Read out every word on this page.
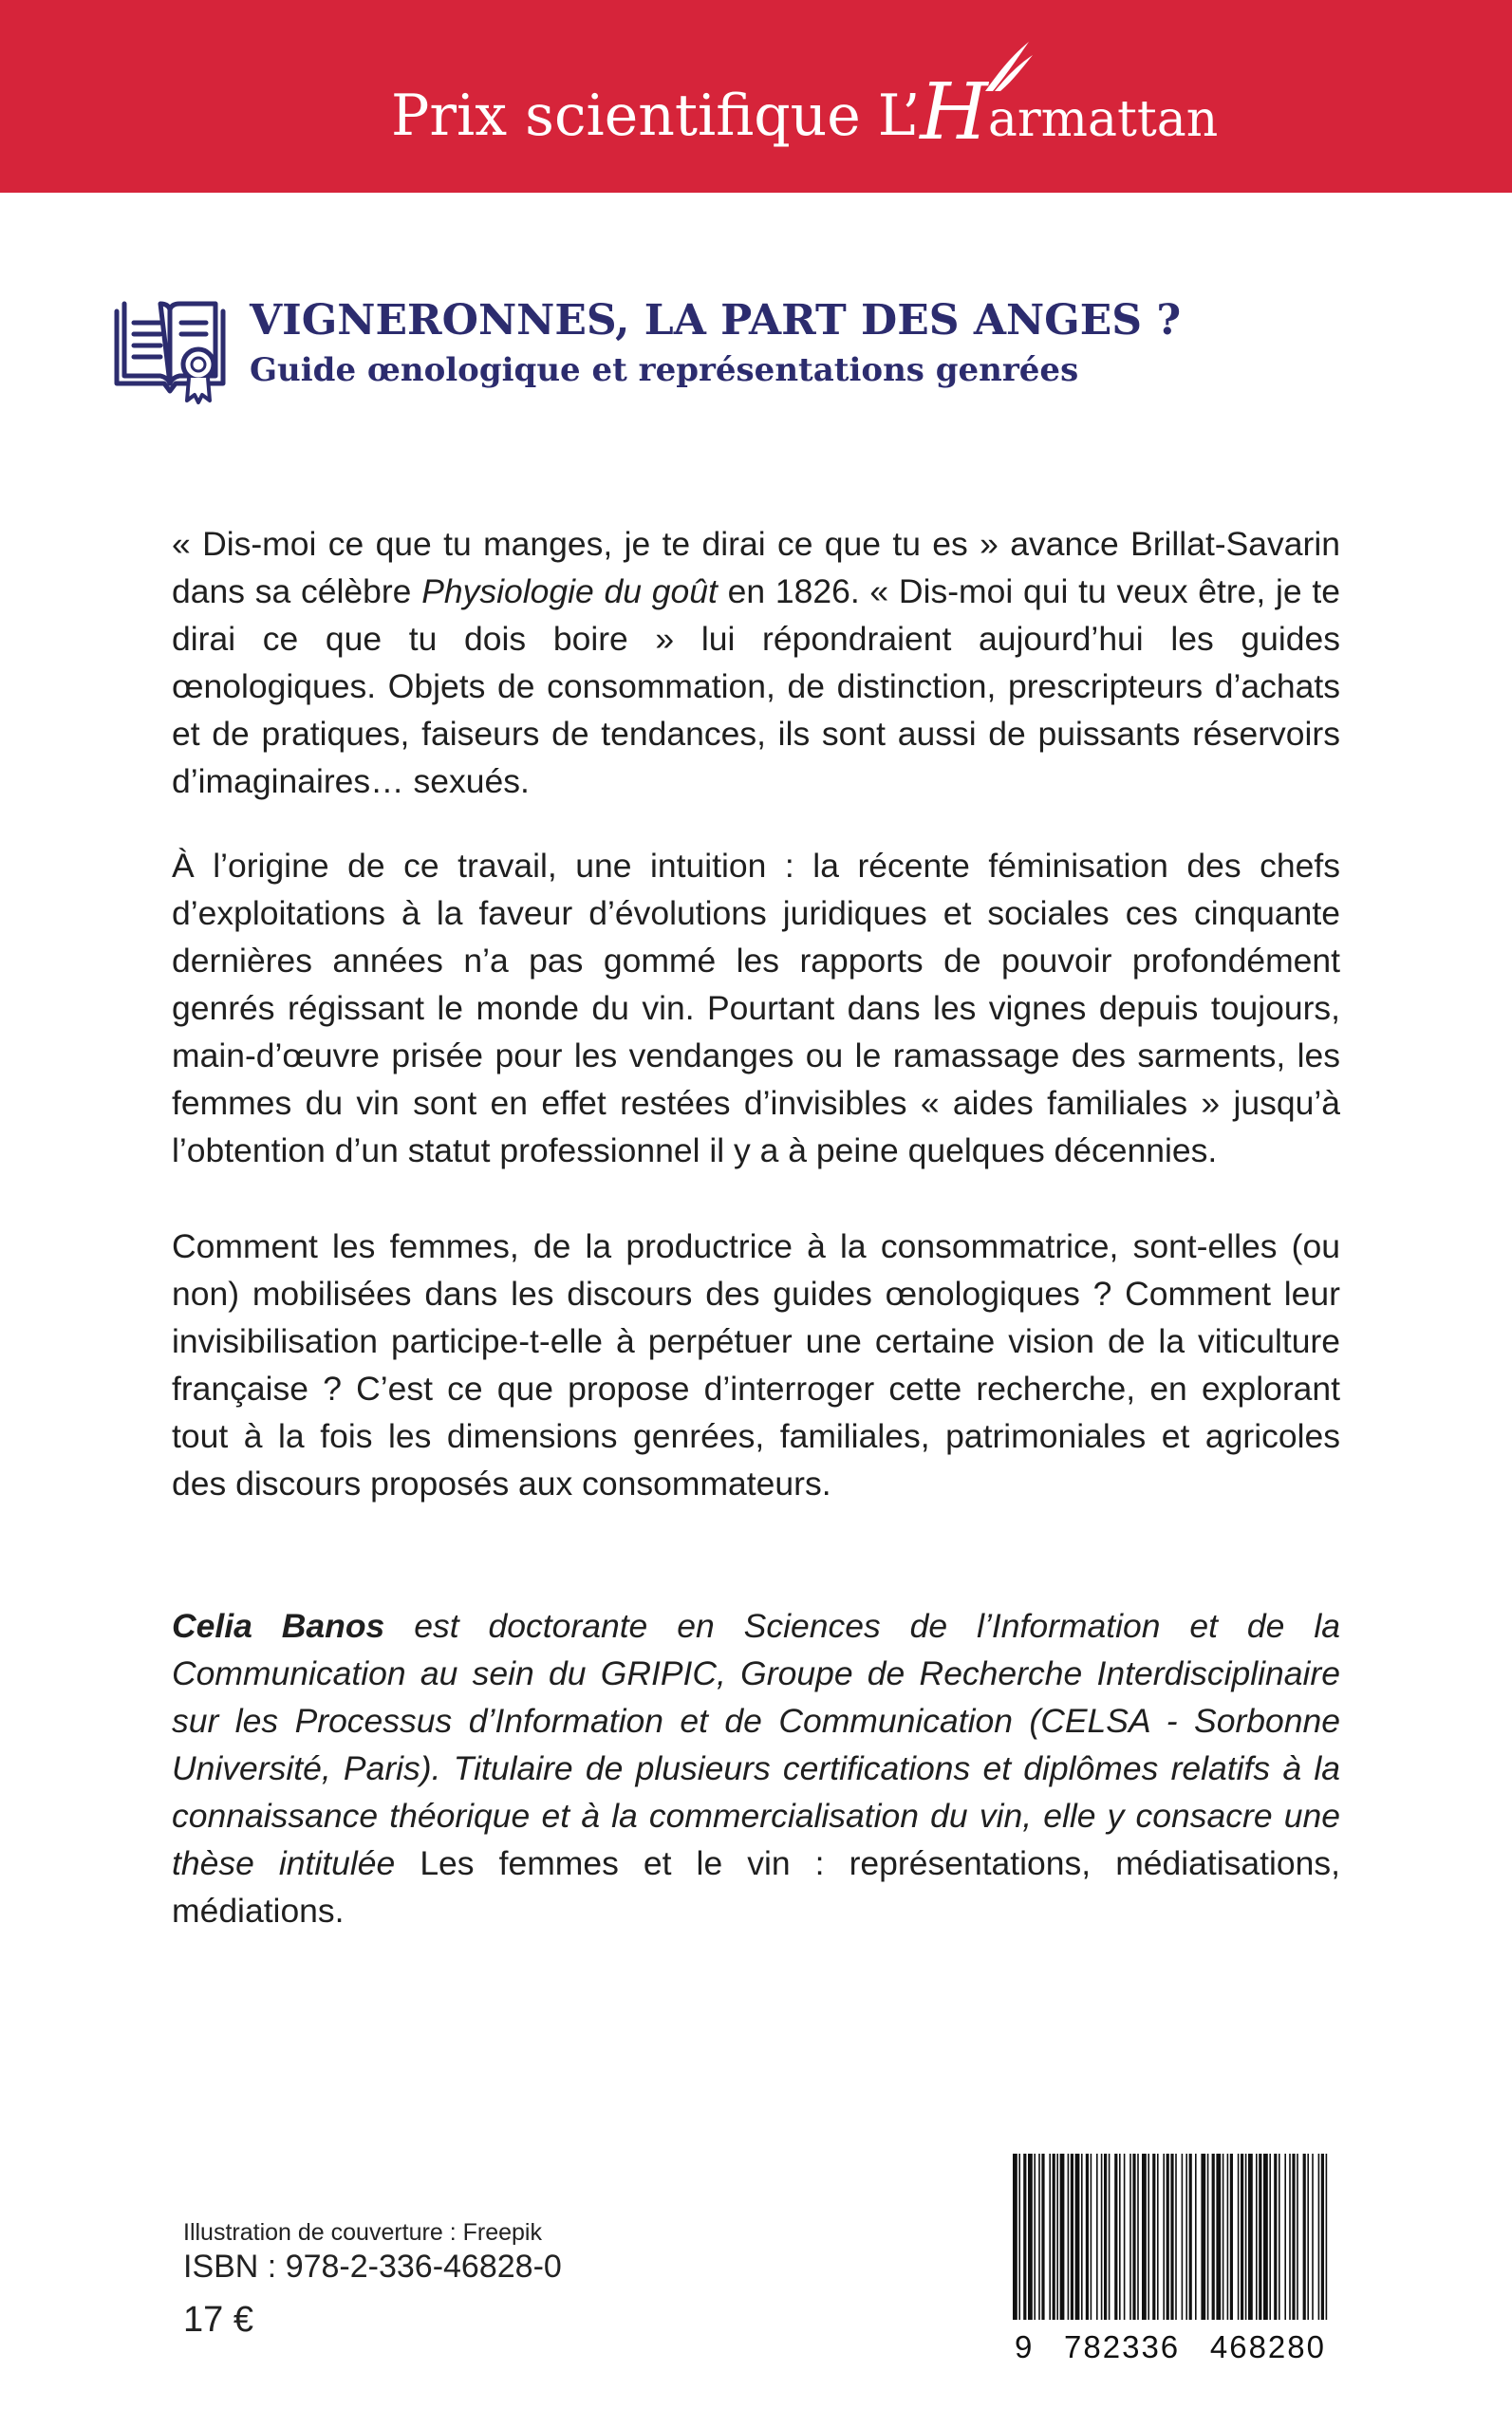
Prix scientifique L’ H armattan
VIGNERONNES, LA PART DES ANGES ?
Guide œnologique et représentations genrées

« Dis-moi ce que tu manges, je te dirai ce que tu es » avance Brillat-Savarin dans sa célèbre Physiologie du goût en 1826. « Dis-moi qui tu veux être, je te dirai ce que tu dois boire » lui répondraient aujourd’hui les guides œnologiques. Objets de consommation, de distinction, prescripteurs d’achats et de pratiques, faiseurs de tendances, ils sont aussi de puissants réservoirs d’imaginaires… sexués.

À l’origine de ce travail, une intuition : la récente féminisation des chefs d’exploitations à la faveur d’évolutions juridiques et sociales ces cinquante dernières années n’a pas gommé les rapports de pouvoir profondément genrés régissant le monde du vin. Pourtant dans les vignes depuis toujours, main-d’œuvre prisée pour les vendanges ou le ramassage des sarments, les femmes du vin sont en effet restées d’invisibles « aides familiales » jusqu’à l’obtention d’un statut professionnel il y a à peine quelques décennies.

Comment les femmes, de la productrice à la consommatrice, sont-elles (ou non) mobilisées dans les discours des guides œnologiques ? Comment leur invisibilisation participe-t-elle à perpétuer une certaine vision de la viticulture française ? C’est ce que propose d’interroger cette recherche, en explorant tout à la fois les dimensions genrées, familiales, patrimoniales et agricoles des discours proposés aux consommateurs.

Celia Banos est doctorante en Sciences de l’Information et de la Communication au sein du GRIPIC, Groupe de Recherche Interdisciplinaire sur les Processus d’Information et de Communication (CELSA - Sorbonne Université, Paris). Titulaire de plusieurs certifications et diplômes relatifs à la connaissance théorique et à la commercialisation du vin, elle y consacre une thèse intitulée Les femmes et le vin : représentations, médiatisations, médiations.

Illustration de couverture : Freepik
ISBN : 978-2-336-46828-0
17 €
9 782336 468280
